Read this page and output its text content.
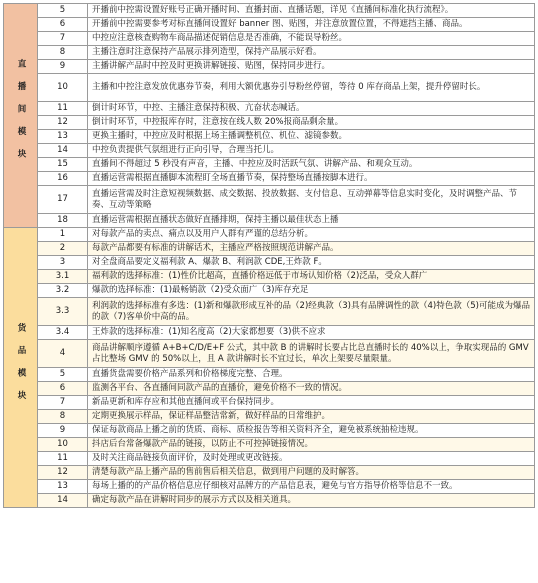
直播间模块	5	开播前中控需设置好账号正确开播时间、直播封面、直播话题，详见《直播间标准化执行流程》。
	6	开播前中控需要参考对标直播间设置好 banner 图、贴图，并注意放置位置，不得遮挡主播、商品。
	7	中控应注意核查购物车商品描述促销信息是否准确，不能误导粉丝。
	8	主播注意时注意保持产品展示排列造型，保持产品展示好看。
	9	主播讲解产品时中控及时更换讲解链接、贴图，保持同步进行。
	10	主播和中控注意发放优惠券节奏，利用大额优惠券引导粉丝停留，等待 0 库存商品上架，提升停留时长。
	11	倒计时环节，中控、主播注意保持积极、亢奋状态喊话。
	12	倒计时环节，中控报库存时，注意按在线人数 20%报商品剩余量。
	13	更换主播时，中控应及时根据上场主播调整机位、机位、滤镜参数。
	14	中控负责提供气氛组进行正向引导，合理当托儿。
	15	直播间不得超过 5 秒没有声音，主播、中控应及时活跃气氛、讲解产品、和观众互动。
	16	直播运营需根据直播脚本流程盯全场直播节奏，保持整场直播按脚本进行。
	17	直播运营需及时注意短视频数据、成交数据、投放数据、支付信息、互动弹幕等信息实时变化，及时调整产品、节奏、互动等策略
	18	直播运营需根据直播状态做好直播排期，保持主播以最佳状态上播
货品模块	1	对每款产品的卖点、痛点以及用户人群有严谨的总结分析。
	2	每款产品都要有标准的讲解话术，主播应严格按照规范讲解产品。
	3	对全盘商品要定义福利款 A、爆款 B、利润款 CDE,王炸款 F。
	3.1	福利款的选择标准：(1)性价比超高，直播价格远低于市场认知价格（2)泛品，受众人群广
	3.2	爆款的选择标准：(1)最畅销款（2)受众面广（3)库存充足
	3.3	利润款的选择标准有多选：(1)新和爆款形成互补的品（2)经典款（3)具有品牌调性的款（4)特色款（5)可能成为爆品的款（7)客单价中高的品。
	3.4	王炸款的选择标准：(1)知名度高（2)大家都想要（3)供不应求
	4	商品讲解顺序遵循 A+B+C/D/E+F 公式，其中款 B 的讲解时长要占比总直播时长的 40%以上，争取实现品的 GMV 占比整场 GMV 的 50%以上，且 A 款讲解时长不宜过长，单次上架要尽量限量。
	5	直播货盘需要价格产品系列和价格梯度完整、合理。
	6	监测各平台、各直播间同款产品的直播价，避免价格不一致的情况。
	7	新品更新和库存应和其他直播间或平台保持同步。
	8	定期更换展示样品，保证样品整洁常新，做好样品的日常维护。
	9	保证每款商品上播之前的货质、商标、质检报告等相关资料齐全，避免被系统抽检违规。
	10	抖店后台常备爆款产品的链接，以防止不可控掉链接情况。
	11	及时关注商品链接负面评价，及时处理或更改链接。
	12	清楚每款产品上播产品的售前售后相关信息，做到用户问题的及时解答。
	13	每场上播的的产品价格信息应仔细核对品牌方的产品信息表，避免与官方指导价格等信息不一致。
	14	确定每款产品在讲解时同步的展示方式以及相关道具。
